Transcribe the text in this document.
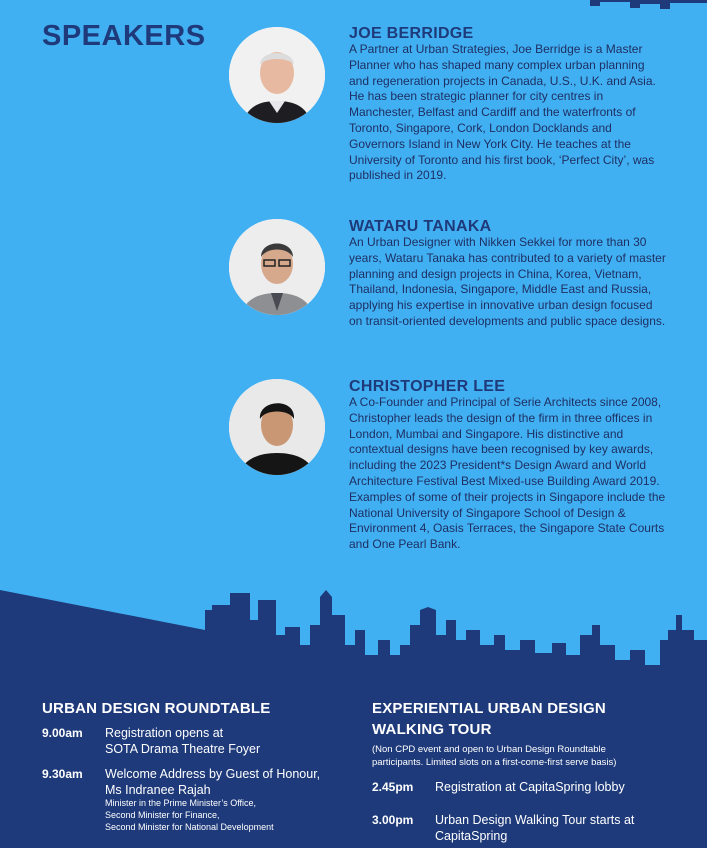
SPEAKERS	JOE BERRIDGE
A Partner at Urban Strategies, Joe Berridge is a Master Planner who has shaped many complex urban planning and regeneration projects in Canada, U.S., U.K. and Asia. He has been strategic planner for city centres in Manchester, Belfast and Cardiff and the waterfronts of Toronto, Singapore, Cork, London Docklands and Governors Island in New York City. He teaches at the University of Toronto and his first book, ‘Perfect City’, was published in 2019.
WATARU TANAKA
An Urban Designer with Nikken Sekkei for more than 30 years, Wataru Tanaka has contributed to a variety of master planning and design projects in China, Korea, Vietnam, Thailand, Indonesia, Singapore, Middle East and Russia, applying his expertise in innovative urban design focused on transit-oriented developments and public space designs.
CHRISTOPHER LEE
A Co-Founder and Principal of Serie Architects since 2008, Christopher leads the design of the firm in three offices in London, Mumbai and Singapore. His distinctive and contextual designs have been recognised by key awards, including the 2023 President*s Design Award and World Architecture Festival Best Mixed-use Building Award 2019. Examples of some of their projects in Singapore include the National University of Singapore School of Design & Environment 4, Oasis Terraces, the Singapore State Courts and One Pearl Bank.
URBAN DESIGN ROUNDTABLE
9.00am Registration opens at
SOTA Drama Theatre Foyer
9.30am Welcome Address by Guest of Honour,
Ms Indranee Rajah
Minister in the Prime Minister’s Office,
Second Minister for Finance,
Second Minister for National Development
EXPERIENTIAL URBAN DESIGN
WALKING TOUR
(Non CPD event and open to Urban Design Roundtable
participants. Limited slots on a first-come-first serve basis)
2.45pm Registration at CapitaSpring lobby
3.00pm Urban Design Walking Tour starts at
CapitaSpring
